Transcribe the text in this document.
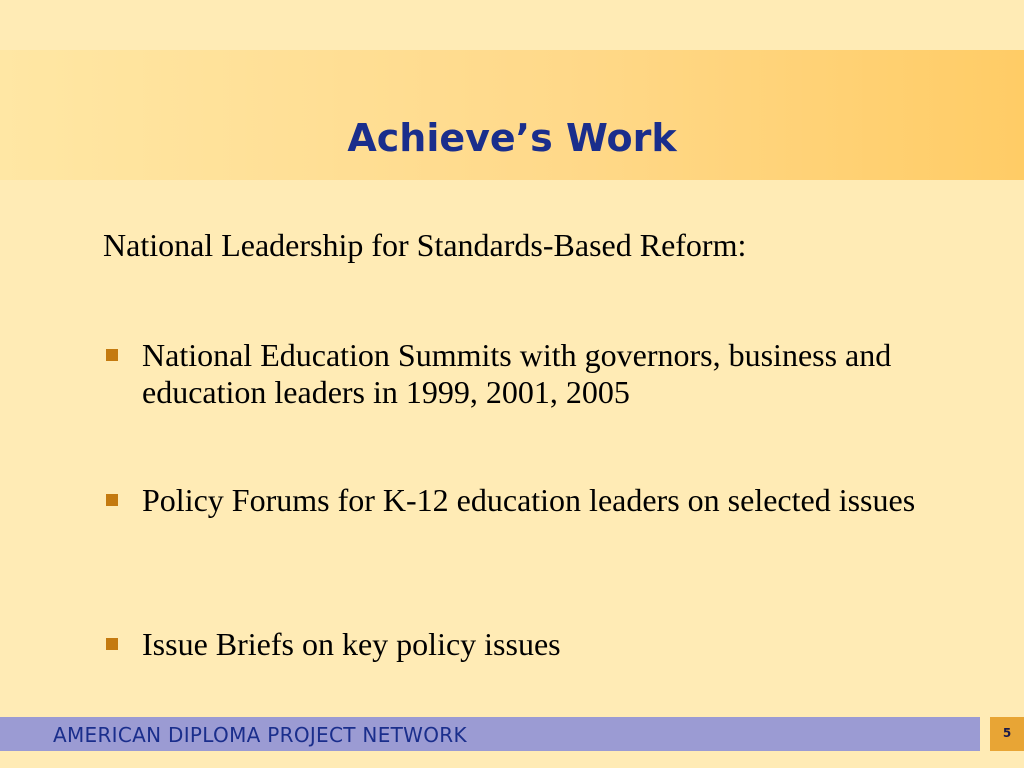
Achieve’s Work
National Leadership for Standards-Based Reform:
National Education Summits with governors, business and education leaders in 1999, 2001, 2005
Policy Forums for K-12 education leaders on selected issues
Issue Briefs on key policy issues
AMERICAN DIPLOMA PROJECT NETWORK	5
